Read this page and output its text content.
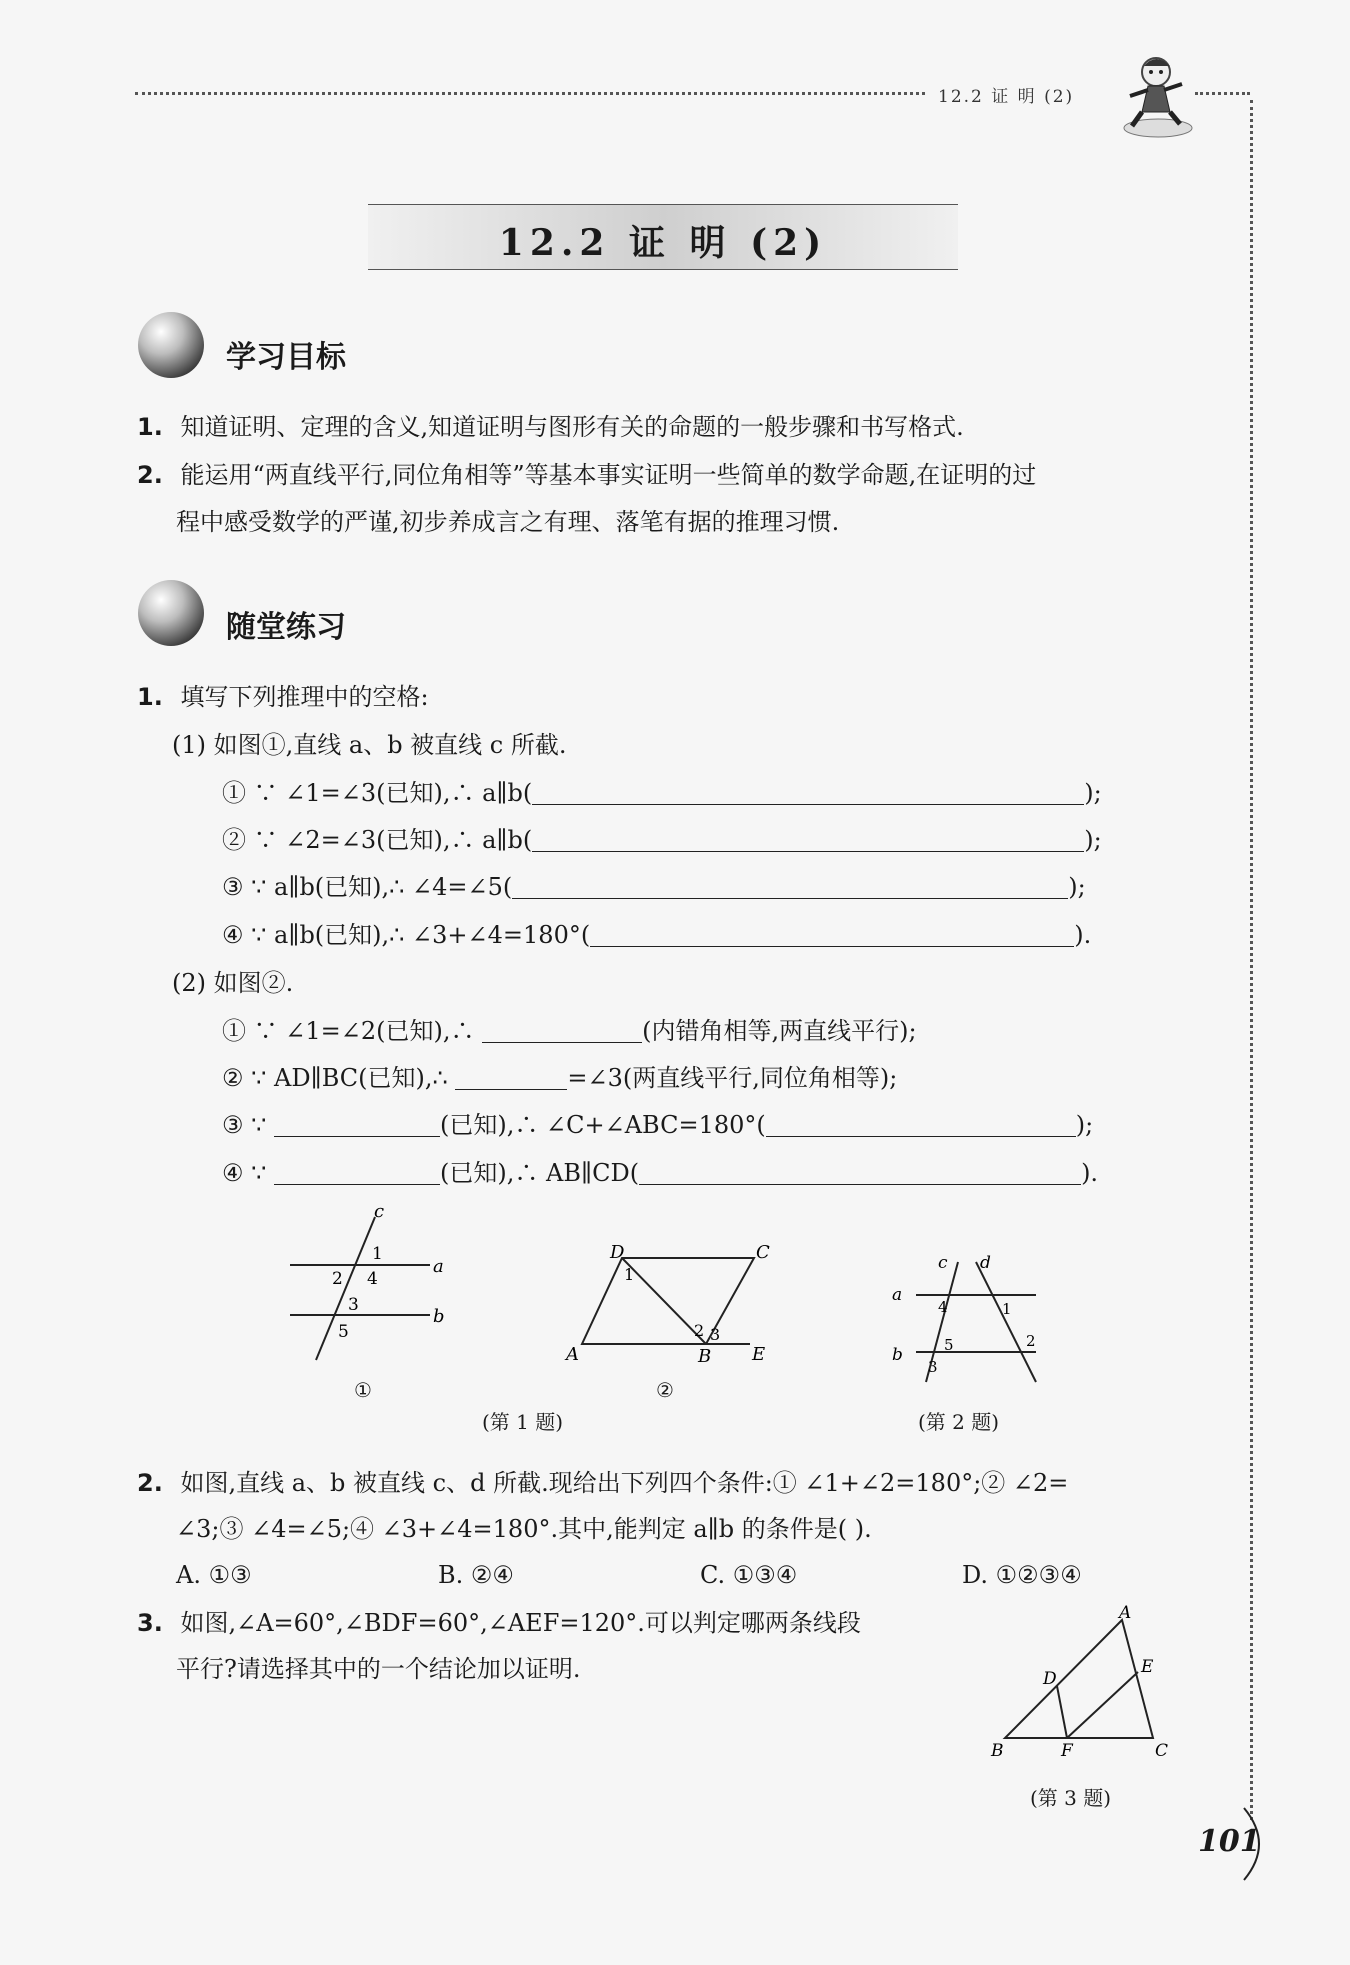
12.2 证 明 (2)
12.2 证 明 (2)
学习目标
1. 知道证明、定理的含义,知道证明与图形有关的命题的一般步骤和书写格式.
2. 能运用“两直线平行,同位角相等”等基本事实证明一些简单的数学命题,在证明的过
程中感受数学的严谨,初步养成言之有理、落笔有据的推理习惯.
随堂练习
1. 填写下列推理中的空格:
(1) 如图①,直线 a、b 被直线 c 所截.
① ∵ ∠1=∠3(已知),∴ a∥b(	);
② ∵ ∠2=∠3(已知),∴ a∥b(	);
③ ∵ a∥b(已知),∴ ∠4=∠5(	);
④ ∵ a∥b(已知),∴ ∠3+∠4=180°(	).
(2) 如图②.
① ∵ ∠1=∠2(已知),∴	(内错角相等,两直线平行);
② ∵ AD∥BC(已知),∴	=∠3(两直线平行,同位角相等);
③ ∵	(已知),∴ ∠C+∠ABC=180°(	);
④ ∵	(已知),∴ AB∥CD(	).
c
a
b
1
2
3
4
5
①
D	C
A	B E
1
2 3
②
(第 1 题)
c d
a
b
4	1
5	2
3
(第 2 题)
2. 如图,直线 a、b 被直线 c、d 所截.现给出下列四个条件:① ∠1+∠2=180°;② ∠2=
∠3;③ ∠4=∠5;④ ∠3+∠4=180°.其中,能判定 a∥b 的条件是( ).
A. ①③	B. ②④	C. ①③④	D. ①②③④
3. 如图,∠A=60°,∠BDF=60°,∠AEF=120°.可以判定哪两条线段
平行?请选择其中的一个结论加以证明.
A
D
E
B	F	C
(第 3 题)
101
